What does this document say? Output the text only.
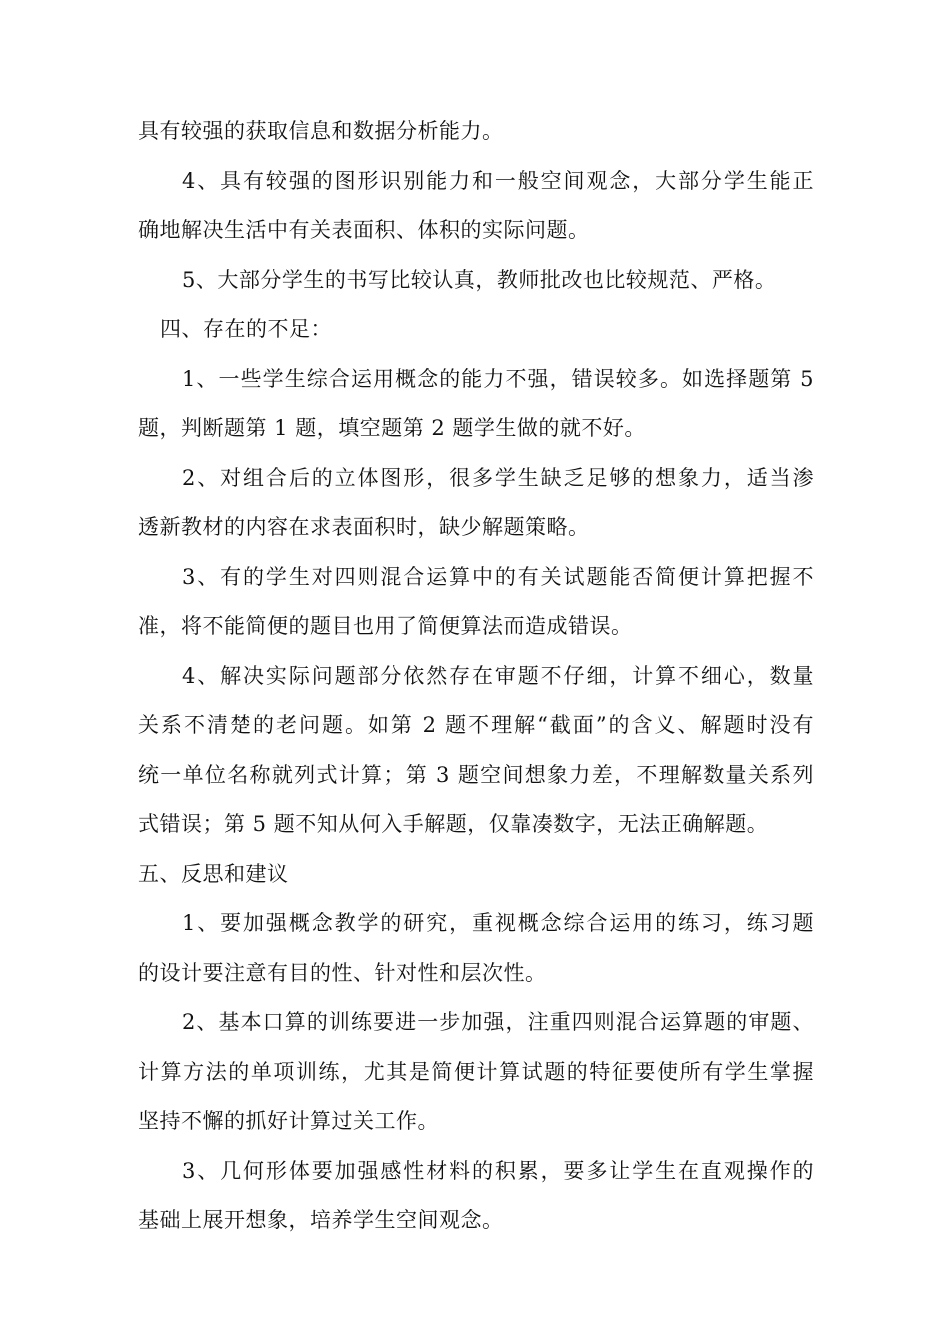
具有较强的获取信息和数据分析能力。
4、具有较强的图形识别能力和一般空间观念，大部分学生能正
确地解决生活中有关表面积、体积的实际问题。
5、大部分学生的书写比较认真，教师批改也比较规范、严格。
四、存在的不足：
1、一些学生综合运用概念的能力不强，错误较多。如选择题第 5
题，判断题第 1 题，填空题第 2 题学生做的就不好。
2、对组合后的立体图形，很多学生缺乏足够的想象力，适当渗
透新教材的内容在求表面积时，缺少解题策略。
3、有的学生对四则混合运算中的有关试题能否简便计算把握不
准，将不能简便的题目也用了简便算法而造成错误。
4、解决实际问题部分依然存在审题不仔细，计算不细心，数量
关系不清楚的老问题。如第 2 题不理解“截面”的含义、解题时没有
统一单位名称就列式计算；第 3 题空间想象力差，不理解数量关系列
式错误；第 5 题不知从何入手解题，仅靠凑数字，无法正确解题。
五、反思和建议
1、要加强概念教学的研究，重视概念综合运用的练习，练习题
的设计要注意有目的性、针对性和层次性。
2、基本口算的训练要进一步加强，注重四则混合运算题的审题、
计算方法的单项训练，尤其是简便计算试题的特征要使所有学生掌握
坚持不懈的抓好计算过关工作。
3、几何形体要加强感性材料的积累，要多让学生在直观操作的
基础上展开想象，培养学生空间观念。
